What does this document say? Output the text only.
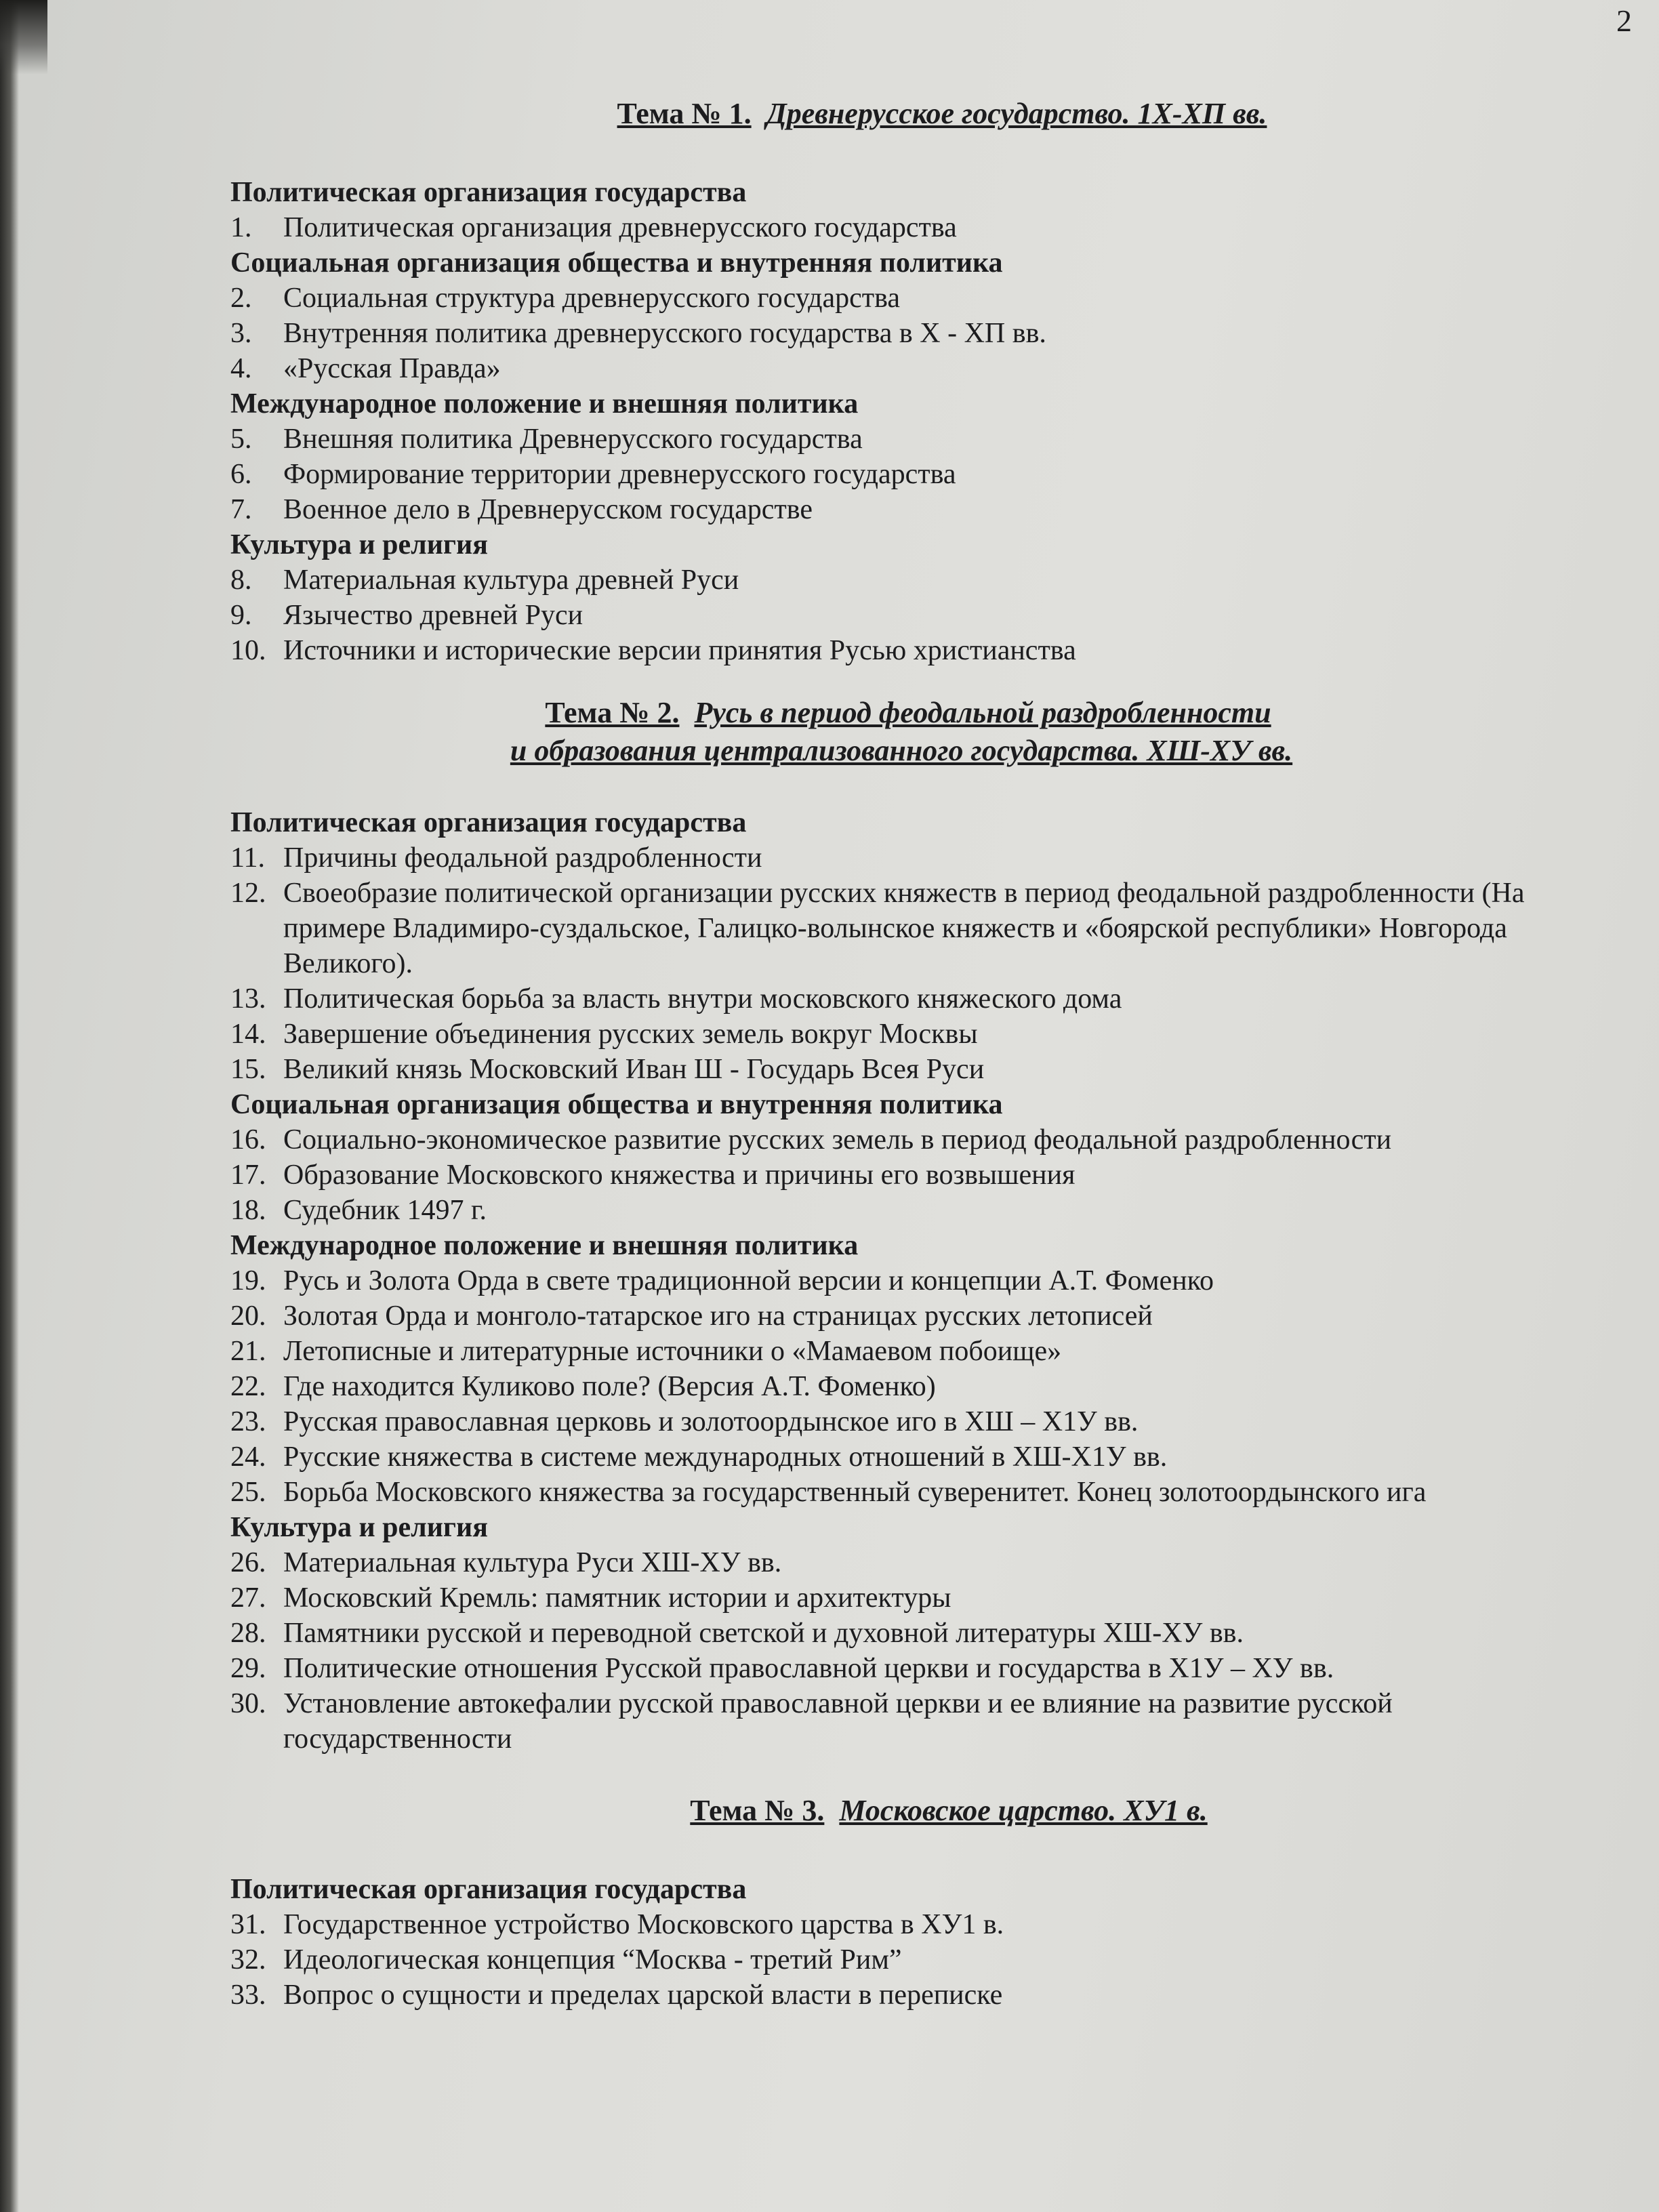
2
Тема № 1. Древнерусское государство. 1Х-ХП вв.
Политическая организация государства
1.	Политическая организация древнерусского государства
Социальная организация общества и внутренняя политика
2.	Социальная структура древнерусского государства
3.	Внутренняя политика древнерусского государства в Х - ХП вв.
4.	«Русская Правда»
Международное положение и внешняя политика
5.	Внешняя политика Древнерусского государства
6.	Формирование территории древнерусского государства
7.	Военное дело в Древнерусском государстве
Культура и религия
8.	Материальная культура древней Руси
9.	Язычество древней Руси
10. Источники и исторические версии принятия Русью христианства
Тема № 2. Русь в период феодальной раздробленности
и образования централизованного государства. ХШ-ХУ вв.
Политическая организация государства
11. Причины феодальной раздробленности
12. Своеобразие политической организации русских княжеств в период феодальной раздробленности (На примере Владимиро-суздальское, Галицко-волынское княжеств и «боярской республики» Новгорода Великого).
13. Политическая борьба за власть внутри московского княжеского дома
14. Завершение объединения русских земель вокруг Москвы
15. Великий князь Московский Иван Ш - Государь Всея Руси
Социальная организация общества и внутренняя политика
16. Социально-экономическое развитие русских земель в период феодальной раздробленности
17. Образование Московского княжества и причины его возвышения
18. Судебник 1497 г.
Международное положение и внешняя политика
19. Русь и Золота Орда в свете традиционной версии и концепции А.Т. Фоменко
20. Золотая Орда и монголо-татарское иго на страницах русских летописей
21. Летописные и литературные источники о «Мамаевом побоище»
22. Где находится Куликово поле? (Версия А.Т. Фоменко)
23. Русская православная церковь и золотоордынское иго в ХШ – Х1У вв.
24. Русские княжества в системе международных отношений в ХШ-Х1У вв.
25. Борьба Московского княжества за государственный суверенитет. Конец золотоордынского ига
Культура и религия
26. Материальная культура Руси ХШ-ХУ вв.
27. Московский Кремль: памятник истории и архитектуры
28. Памятники русской и переводной светской и духовной литературы ХШ-ХУ вв.
29. Политические отношения Русской православной церкви и государства в Х1У – ХУ вв.
30. Установление автокефалии русской православной церкви и ее влияние на развитие русской государственности
Тема № 3. Московское царство. ХУ1 в.
Политическая организация государства
31. Государственное устройство Московского царства в ХУ1 в.
32. Идеологическая концепция “Москва - третий Рим”
33. Вопрос о сущности и пределах царской власти в переписке
